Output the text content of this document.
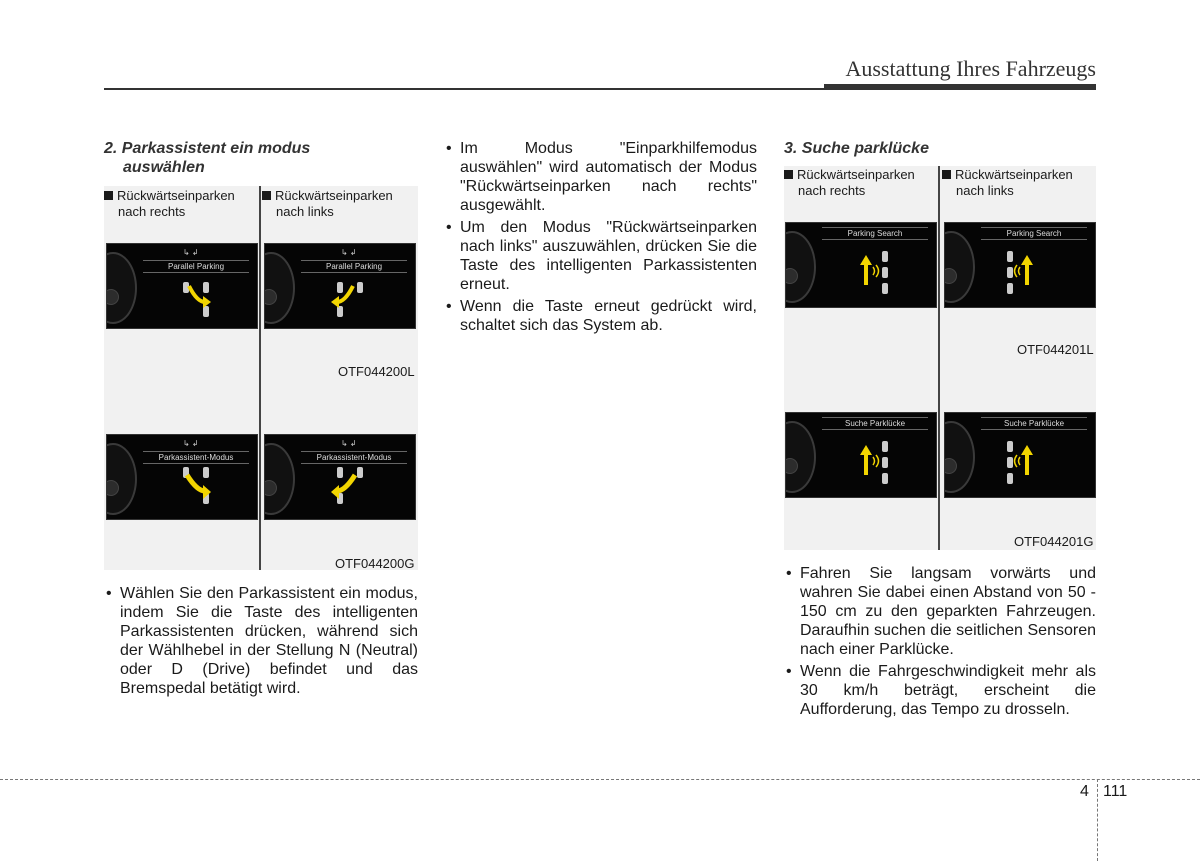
Ausstattung Ihres Fahrzeugs
2. Parkassistent ein modus
auswählen
Rückwärtseinparken
nach rechts
Rückwärtseinparken
nach links
↳ ↲
Parallel Parking
↳ ↲
Parallel Parking
OTF044200L
↳ ↲
Parkassistent-Modus
↳ ↲
Parkassistent-Modus
OTF044200G
• Wählen Sie den Parkassistent ein modus, indem Sie die Taste des intelligenten Parkassistenten drücken, während sich der Wählhebel in der Stellung N (Neutral) oder D (Drive) befindet und das Bremspedal betätigt wird.
• Im Modus "Einparkhilfemodus auswählen" wird automatisch der Modus "Rückwärtseinparken nach rechts" ausgewählt.
• Um den Modus "Rückwärtseinparken nach links" auszuwählen, drücken Sie die Taste des intelligenten Parkassistenten erneut.
• Wenn die Taste erneut gedrückt wird, schaltet sich das System ab.
3. Suche parklücke
Rückwärtseinparken
nach rechts
Rückwärtseinparken
nach links
Parking Search	Parking Search
OTF044201L
Suche Parklücke	Suche Parklücke
OTF044201G
• Fahren Sie langsam vorwärts und wahren Sie dabei einen Abstand von 50 - 150 cm zu den geparkten Fahrzeugen. Daraufhin suchen die seitlichen Sensoren nach einer Parklücke.
• Wenn die Fahrgeschwindigkeit mehr als 30 km/h beträgt, erscheint die Aufforderung, das Tempo zu drosseln.
4 111
